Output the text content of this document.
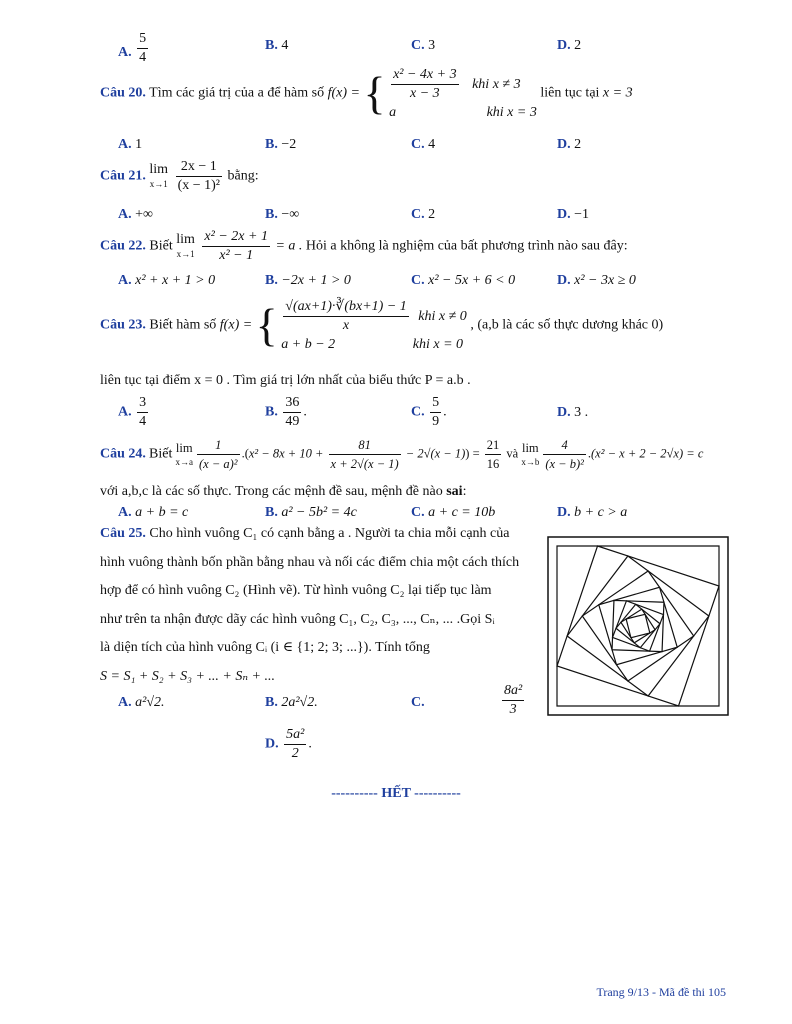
A. $\frac{5}{4}$	B. 4	C. 3	D. 2
Câu 20. Tìm các giá trị của a để hàm số f(x) = { $\frac{\text{x² − 4x + 3}}{x - 3}$ khi x ≠ 3
a	khi x = 3
liên tục tại x = 3
A. 1	B. −2	C. 4	D. 2
Câu 21. lim
x→1
$\frac{2x - 1}{\text{(x − 1)²}}$ bằng:
A. +∞	B. −∞	C. 2	D. −1
Câu 22. Biết lim
x→1
$\frac{\text{x² − 2x + 1}}{\text{x² − 1}} = a$ . Hỏi a không là nghiệm của bất phương trình nào sau đây:
A. x² + x + 1 > 0	B. −2x + 1 > 0	C. x² − 5x + 6 < 0	D. x² − 3x ≥ 0
Câu 23. Biết hàm số f(x) = { $\frac{√(ax+1)\cdot∛(bx+1) - 1}{x}$ khi x ≠ 0
a + b − 2	khi x = 0
, (a,b là các số thực dương khác 0)
liên tục tại điểm x = 0 . Tìm giá trị lớn nhất của biểu thức P = a.b .
A. $\frac{3}{4}$	B. $\frac{36}{49}$ .	C. $\frac{5}{9}$ .	D. 3 .
Câu 24. Biết lim
$x\to a \frac{1}{\text{(x − a)²}} .(x^2 - 8x + 10 + \frac{81}{x + 2√(x - 1)} - 2√(x - 1)) = \frac{21}{16}$ và lim
$x\to b \frac{4}{\text{(x − b)²}} .(x^2 - x + 2 - 2√x) = c$
với a,b,c là các số thực. Trong các mệnh đề sau, mệnh đề nào sai:
A. a + b = c	B. a² − 5b² = 4c	C. a + c = 10b	D. b + c > a
Câu 25. Cho hình vuông C₁ có cạnh bằng a . Người ta chia mỗi cạnh của
hình vuông thành bốn phần bằng nhau và nối các điểm chia một cách thích
hợp để có hình vuông C₂ (Hình vẽ). Từ hình vuông C₂ lại tiếp tục làm
như trên ta nhận được dãy các hình vuông C₁, C₂, C₃, ..., Cₙ, ... .Gọi Sᵢ
là diện tích của hình vuông Cᵢ (i ∈ {1; 2; 3; ...}). Tính tổng
S = S₁ + S₂ + S₃ + ... + Sₙ + ...
A. a²√2.	B. 2a²√2.	C.	$\frac{\text{8a²}}{3}$
D. $\frac{\text{5a²}}{2}$ .
---------- HẾT ----------
Trang 9/13 - Mã đề thi 105
